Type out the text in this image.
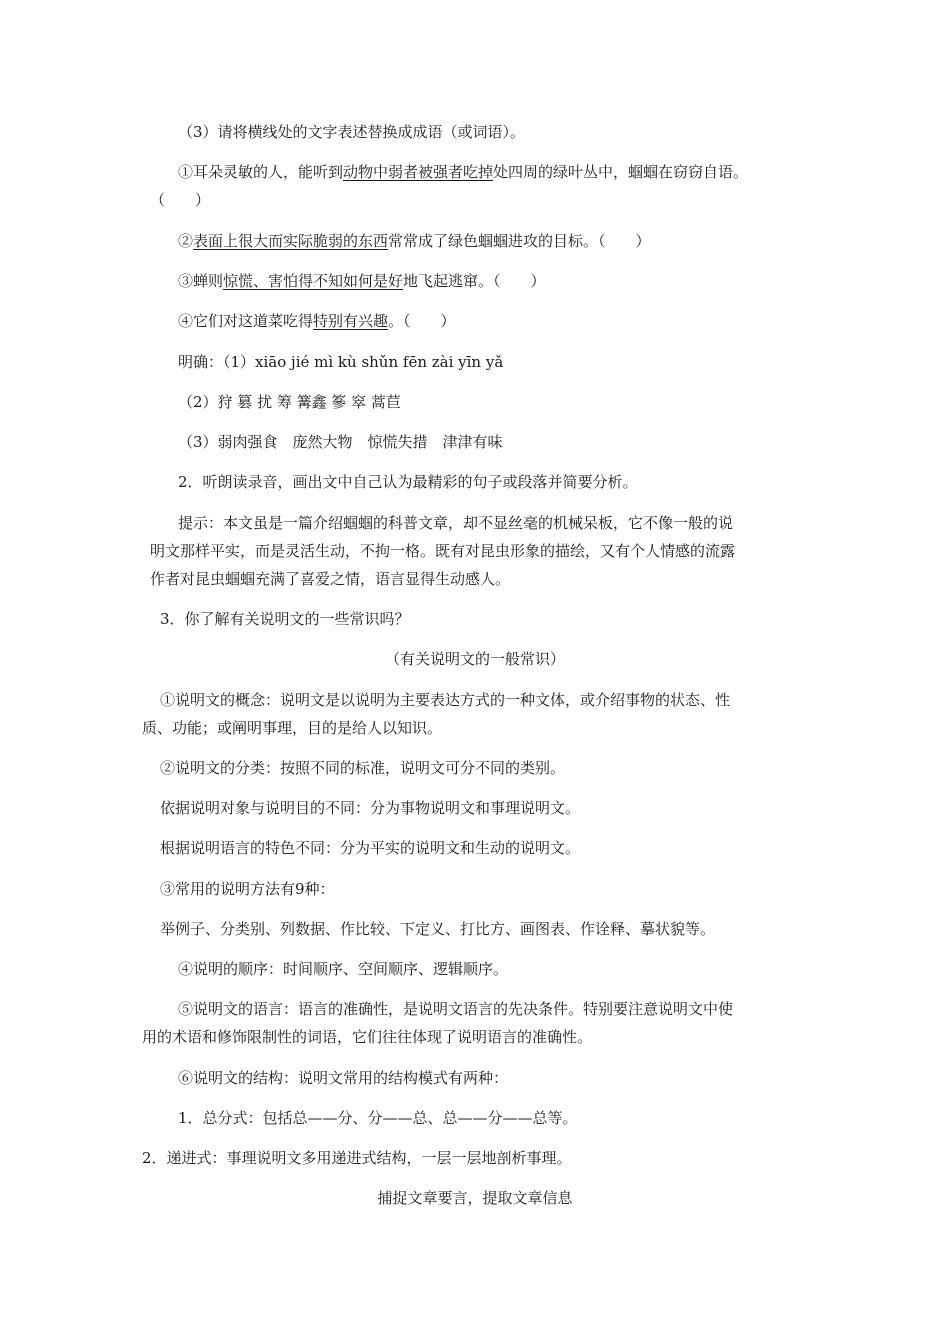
（3）请将横线处的文字表述替换成成语（或词语）。
①耳朵灵敏的人，能听到动物中弱者被强者吃掉处四周的绿叶丛中，蝈蝈在窃窃自语。
（　　）
②表面上很大而实际脆弱的东西常常成了绿色蝈蝈进攻的目标。（　　）
③蝉则惊慌、害怕得不知如何是好地飞起逃窜。（　　）
④它们对这道菜吃得特别有兴趣。（　　）
明确：（1）xiāo jié mì kù shǔn fēn zài yīn yǎ
（2）狩 篡 扰 筹 篝鑫 篸 窣 蒿苣
（3）弱肉强食　庞然大物　惊慌失措　津津有味
2．听朗读录音，画出文中自己认为最精彩的句子或段落并简要分析。
提示：本文虽是一篇介绍蝈蝈的科普文章，却不显丝毫的机械呆板，它不像一般的说
明文那样平实，而是灵活生动，不拘一格。既有对昆虫形象的描绘，又有个人情感的流露
作者对昆虫蝈蝈充满了喜爱之情，语言显得生动感人。
3．你了解有关说明文的一些常识吗？
（有关说明文的一般常识）
①说明文的概念：说明文是以说明为主要表达方式的一种文体，或介绍事物的状态、性
质、功能；或阐明事理，目的是给人以知识。
②说明文的分类：按照不同的标准，说明文可分不同的类别。
依据说明对象与说明目的不同：分为事物说明文和事理说明文。
根据说明语言的特色不同：分为平实的说明文和生动的说明文。
③常用的说明方法有9种：
举例子、分类别、列数据、作比较、下定义、打比方、画图表、作诠释、摹状貌等。
④说明的顺序：时间顺序、空间顺序、逻辑顺序。
⑤说明文的语言：语言的准确性，是说明文语言的先决条件。特别要注意说明文中使
用的术语和修饰限制性的词语，它们往往体现了说明语言的准确性。
⑥说明文的结构：说明文常用的结构模式有两种：
1．总分式：包括总——分、分——总、总——分——总等。
2．递进式：事理说明文多用递进式结构，一层一层地剖析事理。
捕捉文章要言，提取文章信息
